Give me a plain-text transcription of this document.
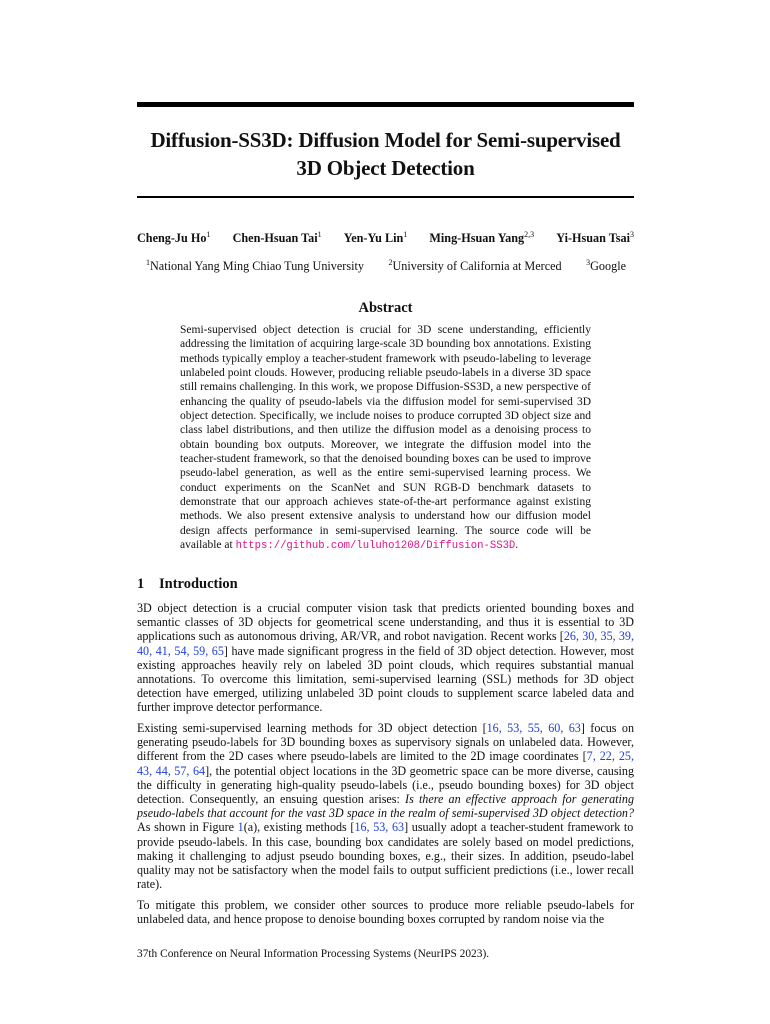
Diffusion-SS3D: Diffusion Model for Semi-supervised
3D Object Detection
Cheng-Ju Ho$^1$ Chen-Hsuan Tai$^1$ Yen-Yu Lin$^1$ Ming-Hsuan Yang$^{2,3}$ Yi-Hsuan Tsai$^3$
$^1$National Yang Ming Chiao Tung University	$^2$University of California at Merced	$^3$Google
Abstract
Semi-supervised object detection is crucial for 3D scene understanding, efficiently addressing the limitation of acquiring large-scale 3D bounding box annotations. Existing methods typically employ a teacher-student framework with pseudo-labeling to leverage unlabeled point clouds. However, producing reliable pseudo-labels in a diverse 3D space still remains challenging. In this work, we propose Diffusion-SS3D, a new perspective of enhancing the quality of pseudo-labels via the diffusion model for semi-supervised 3D object detection. Specifically, we include noises to produce corrupted 3D object size and class label distributions, and then utilize the diffusion model as a denoising process to obtain bounding box outputs. Moreover, we integrate the diffusion model into the teacher-student framework, so that the denoised bounding boxes can be used to improve pseudo-label generation, as well as the entire semi-supervised learning process. We conduct experiments on the ScanNet and SUN RGB-D benchmark datasets to demonstrate that our approach achieves state-of-the-art performance against existing methods. We also present extensive analysis to understand how our diffusion model design affects performance in semi-supervised learning. The source code will be available at https://github.com/luluho1208/Diffusion-SS3D.
1 Introduction
3D object detection is a crucial computer vision task that predicts oriented bounding boxes and semantic classes of 3D objects for geometrical scene understanding, and thus it is essential to 3D applications such as autonomous driving, AR/VR, and robot navigation. Recent works [26, 30, 35, 39, 40, 41, 54, 59, 65] have made significant progress in the field of 3D object detection. However, most existing approaches heavily rely on labeled 3D point clouds, which requires substantial manual annotations. To overcome this limitation, semi-supervised learning (SSL) methods for 3D object detection have emerged, utilizing unlabeled 3D point clouds to supplement scarce labeled data and further improve detector performance.
Existing semi-supervised learning methods for 3D object detection [16, 53, 55, 60, 63] focus on generating pseudo-labels for 3D bounding boxes as supervisory signals on unlabeled data. However, different from the 2D cases where pseudo-labels are limited to the 2D image coordinates [7, 22, 25, 43, 44, 57, 64], the potential object locations in the 3D geometric space can be more diverse, causing the difficulty in generating high-quality pseudo-labels (i.e., pseudo bounding boxes) for 3D object detection. Consequently, an ensuing question arises: Is there an effective approach for generating pseudo-labels that account for the vast 3D space in the realm of semi-supervised 3D object detection? As shown in Figure 1(a), existing methods [16, 53, 63] usually adopt a teacher-student framework to provide pseudo-labels. In this case, bounding box candidates are solely based on model predictions, making it challenging to adjust pseudo bounding boxes, e.g., their sizes. In addition, pseudo-label quality may not be satisfactory when the model fails to output sufficient predictions (i.e., lower recall rate).
To mitigate this problem, we consider other sources to produce more reliable pseudo-labels for unlabeled data, and hence propose to denoise bounding boxes corrupted by random noise via the
37th Conference on Neural Information Processing Systems (NeurIPS 2023).
